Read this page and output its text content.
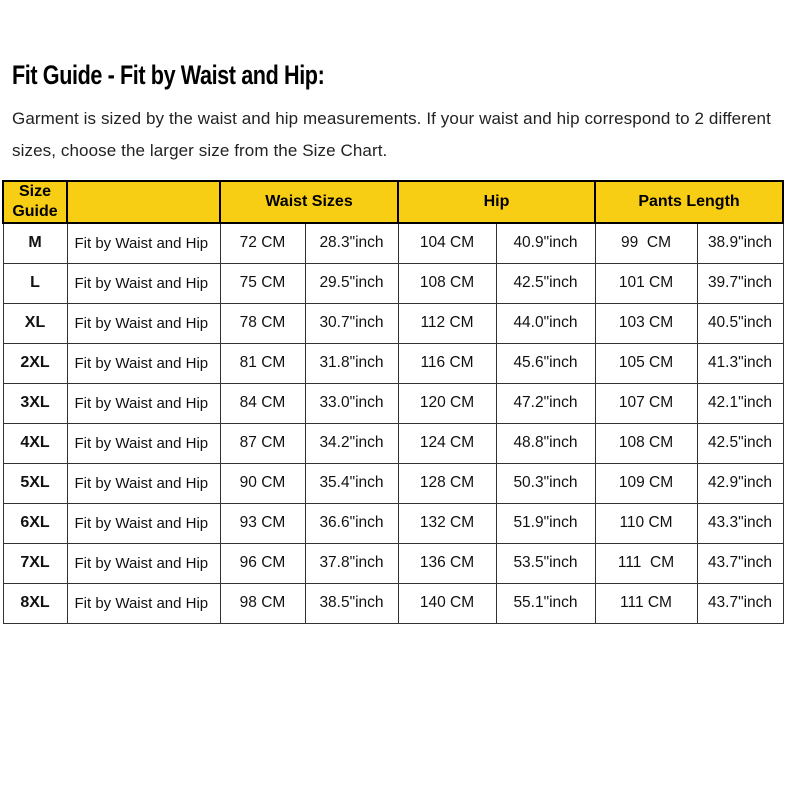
Fit Guide - Fit by Waist and Hip:
Garment is sized by the waist and hip measurements. If your waist and hip correspond to 2 different
sizes, choose the larger size from the Size Chart.
Size Guide		Waist Sizes		Hip		Pants Length	
M	Fit by Waist and Hip	72 CM	28.3"inch	104 CM	40.9"inch	99  CM	38.9"inch
L	Fit by Waist and Hip	75 CM	29.5"inch	108 CM	42.5"inch	101 CM	39.7"inch
XL	Fit by Waist and Hip	78 CM	30.7"inch	112 CM	44.0"inch	103 CM	40.5"inch
2XL	Fit by Waist and Hip	81 CM	31.8"inch	116 CM	45.6"inch	105 CM	41.3"inch
3XL	Fit by Waist and Hip	84 CM	33.0"inch	120 CM	47.2"inch	107 CM	42.1"inch
4XL	Fit by Waist and Hip	87 CM	34.2"inch	124 CM	48.8"inch	108 CM	42.5"inch
5XL	Fit by Waist and Hip	90 CM	35.4"inch	128 CM	50.3"inch	109 CM	42.9"inch
6XL	Fit by Waist and Hip	93 CM	36.6"inch	132 CM	51.9"inch	110 CM	43.3"inch
7XL	Fit by Waist and Hip	96 CM	37.8"inch	136 CM	53.5"inch	111  CM	43.7"inch
8XL	Fit by Waist and Hip	98 CM	38.5"inch	140 CM	55.1"inch	111 CM	43.7"inch
